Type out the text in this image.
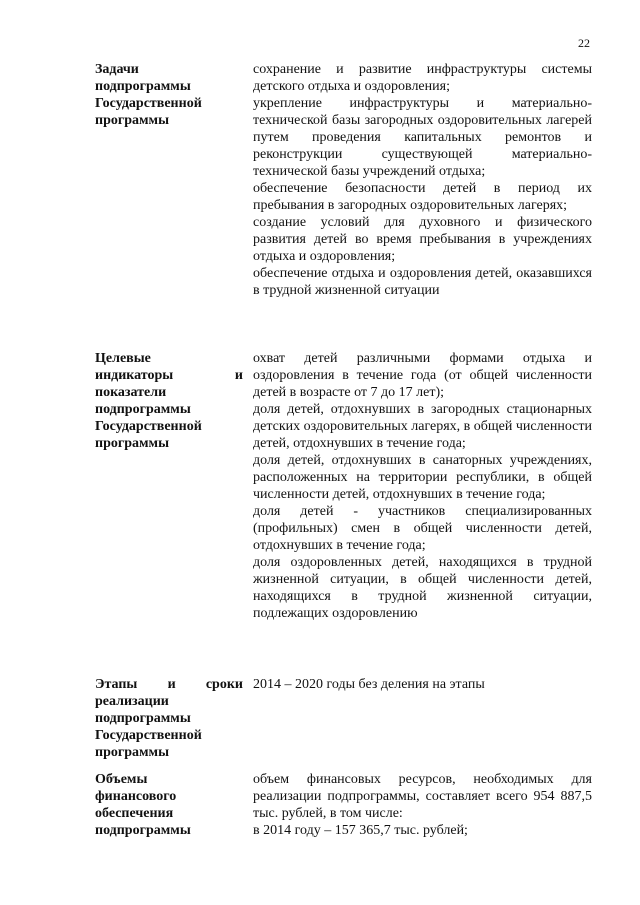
22
Задачи
подпрограммы
Государственной
программы

сохранение и развитие инфраструктуры системы детского отдыха и оздоровления;

укрепление инфраструктуры и материально-технической базы загородных оздоровительных лагерей путем проведения капитальных ремонтов и реконструкции существующей материально-технической базы учреждений отдыха;

обеспечение безопасности детей в период их пребывания в загородных оздоровительных лагерях;

создание условий для духовного и физического развития детей во время пребывания в учреждениях отдыха и оздоровления;

обеспечение отдыха и оздоровления детей, оказавшихся в трудной жизненной ситуации

Целевые
индикаторы	и
показатели
подпрограммы
Государственной
программы

охват детей различными формами отдыха и оздоровления в течение года (от общей численности детей в возрасте от 7 до 17 лет);

доля детей, отдохнувших в загородных стационарных детских оздоровительных лагерях, в общей численности детей, отдохнувших в течение года;

доля детей, отдохнувших в санаторных учреждениях, расположенных на территории республики, в общей численности детей, отдохнувших в течение года;

доля детей - участников специализированных (профильных) смен в общей численности детей, отдохнувших в течение года;

доля оздоровленных детей, находящихся в трудной жизненной ситуации, в общей численности детей, находящихся в трудной жизненной ситуации, подлежащих оздоровлению

Этапы и сроки
реализации
подпрограммы
Государственной
программы

2014 – 2020 годы без деления на этапы

Объемы
финансового
обеспечения
подпрограммы

объем финансовых ресурсов, необходимых для реализации подпрограммы, составляет всего 954 887,5 тыс. рублей, в том числе:

в 2014 году – 157 365,7 тыс. рублей;
